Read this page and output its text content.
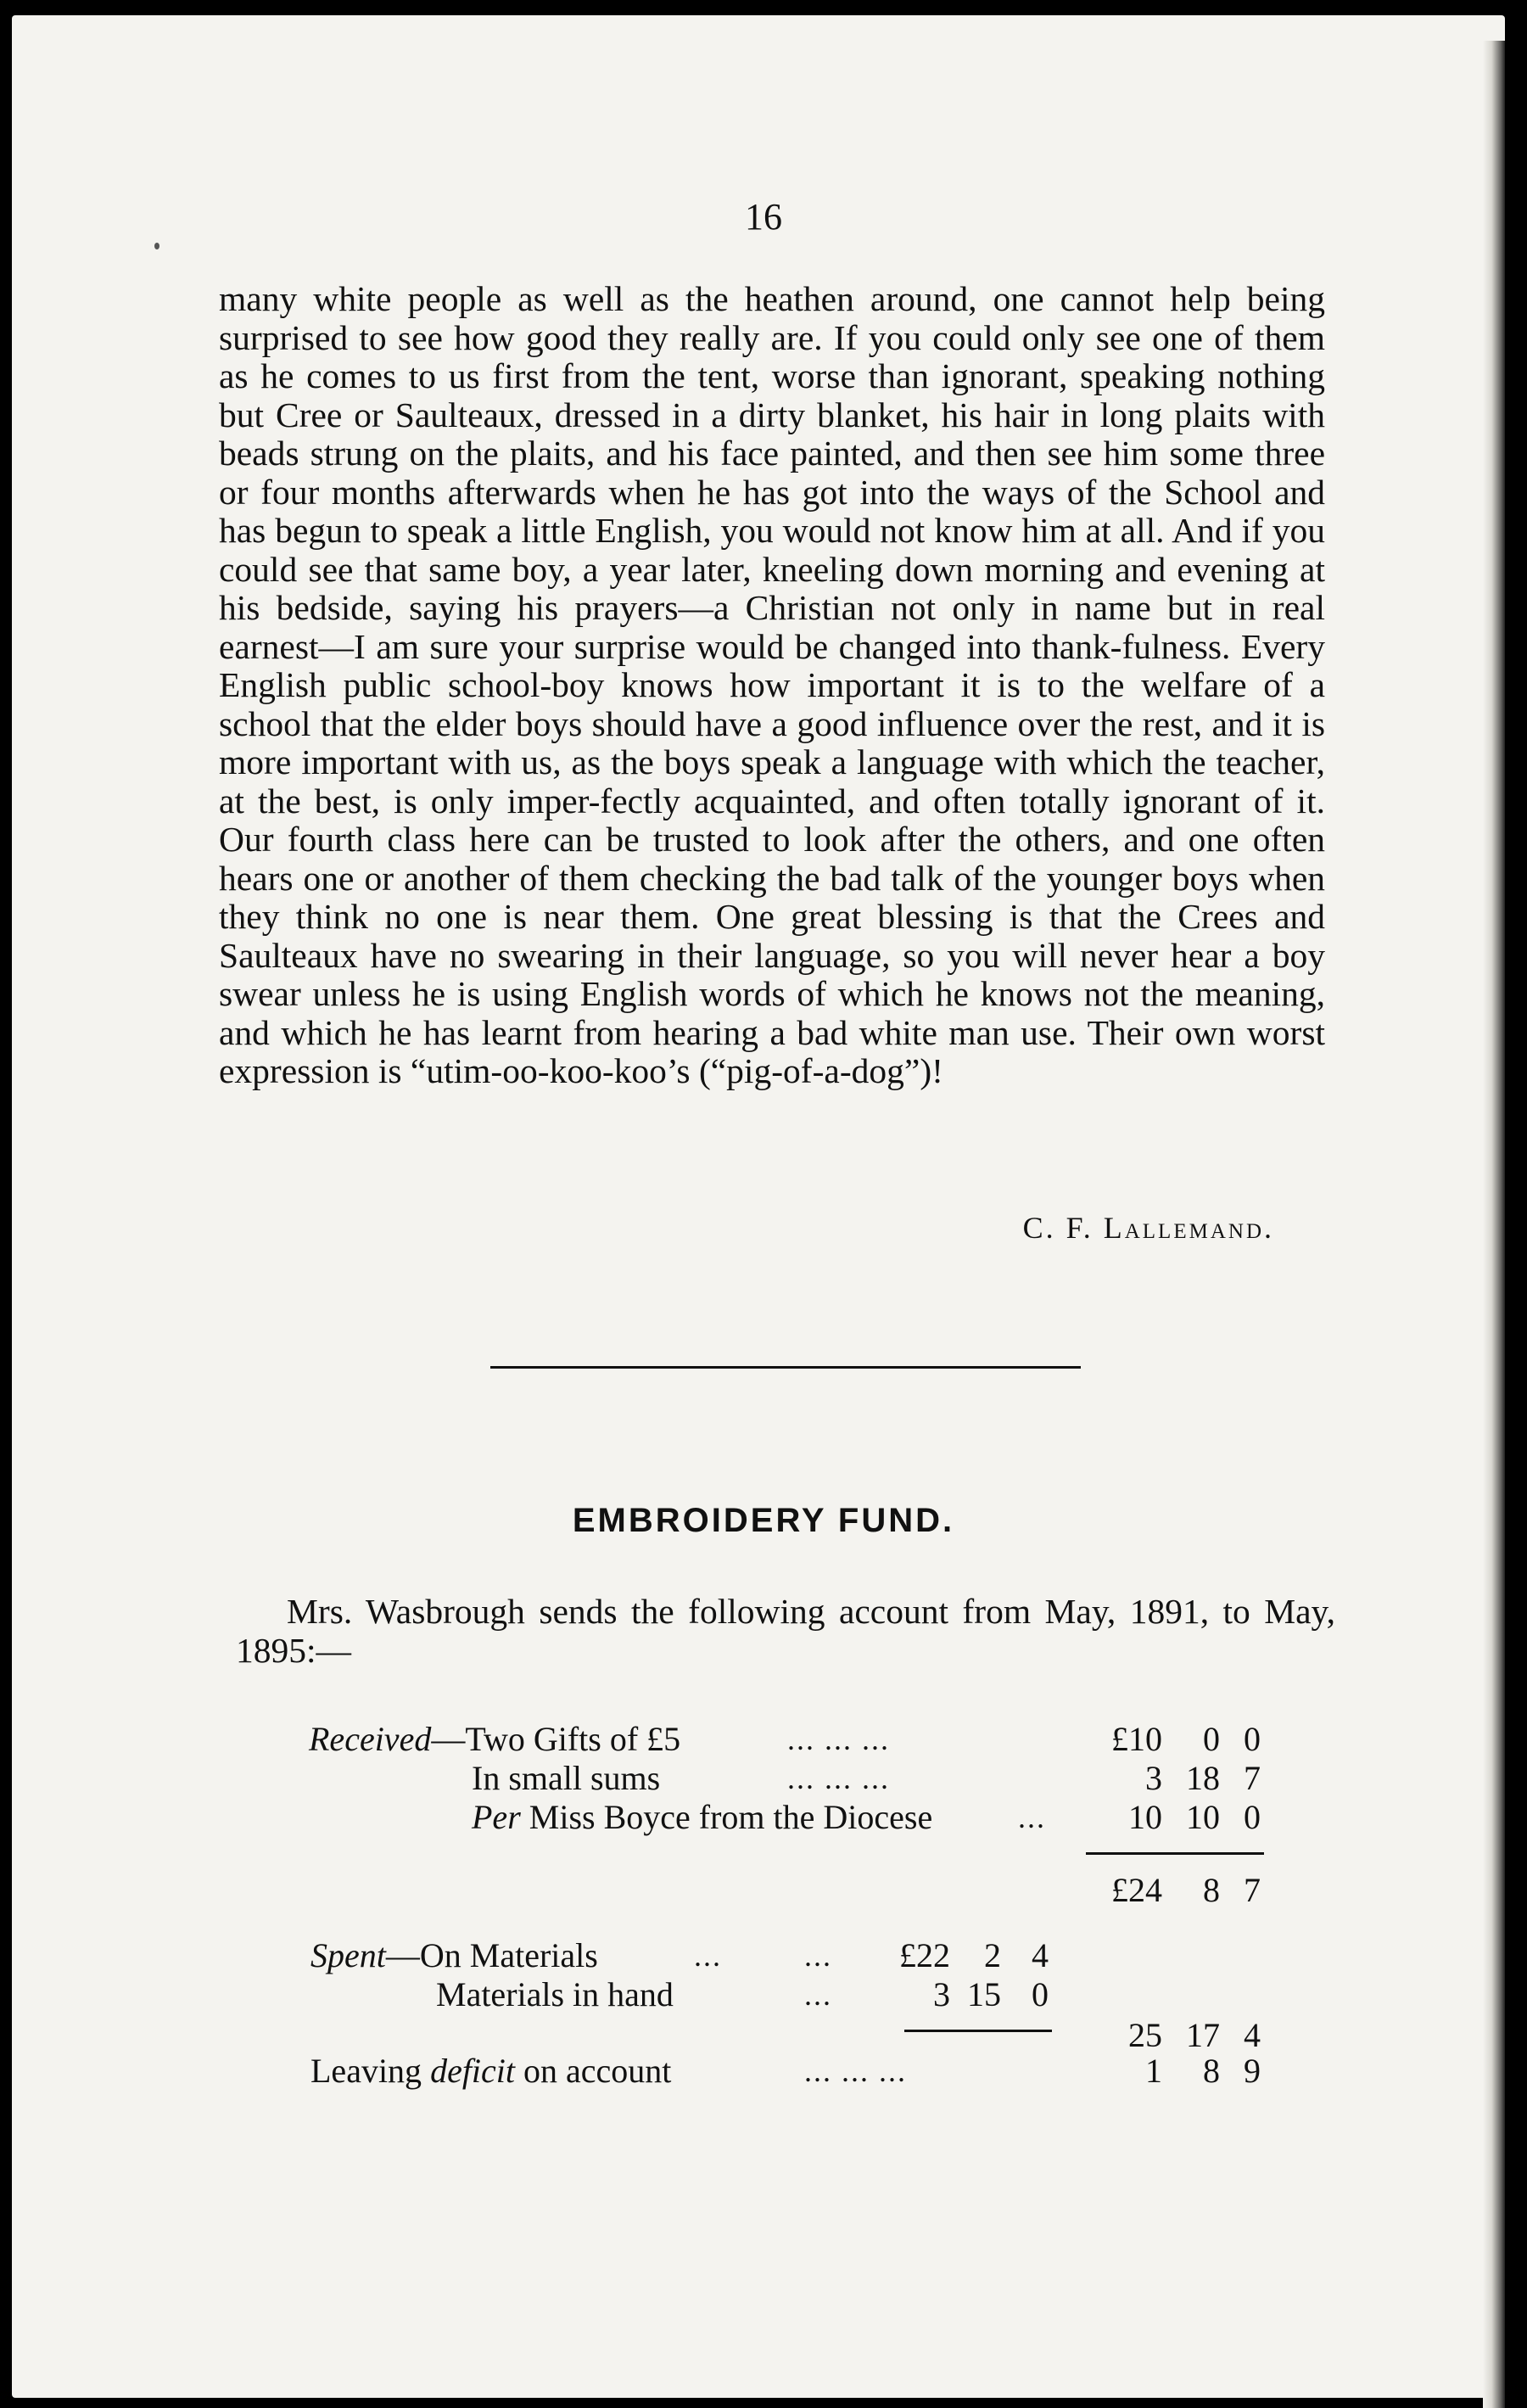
16

many white people as well as the heathen around, one cannot help being surprised to see how good they really are. If you could only see one of them as he comes to us first from the tent, worse than ignorant, speaking nothing but Cree or Saulteaux, dressed in a dirty blanket, his hair in long plaits with beads strung on the plaits, and his face painted, and then see him some three or four months afterwards when he has got into the ways of the School and has begun to speak a little English, you would not know him at all. And if you could see that same boy, a year later, kneeling down morning and evening at his bedside, saying his prayers—a Christian not only in name but in real earnest—I am sure your surprise would be changed into thank-fulness. Every English public school-boy knows how important it is to the welfare of a school that the elder boys should have a good influence over the rest, and it is more important with us, as the boys speak a language with which the teacher, at the best, is only imper-fectly acquainted, and often totally ignorant of it. Our fourth class here can be trusted to look after the others, and one often hears one or another of them checking the bad talk of the younger boys when they think no one is near them. One great blessing is that the Crees and Saulteaux have no swearing in their language, so you will never hear a boy swear unless he is using English words of which he knows not the meaning, and which he has learnt from hearing a bad white man use. Their own worst expression is “utim-oo-koo-koo’s (“pig-of-a-dog”)!

C. F. Lallemand.
EMBROIDERY FUND.

Mrs. Wasbrough sends the following account from May, 1891, to May, 1895:—

Received—Two Gifts of £5	... ... ...	£10	0 0
In small sums	... ... ...	3 18 7
Per Miss Boyce from the Diocese	...	10 10 0
£24	8 7
Spent—On Materials	...	...	£22	2 4
Materials in hand	...	3 15 0
25 17 4
Leaving deficit on account	... ... ...	1	8 9
